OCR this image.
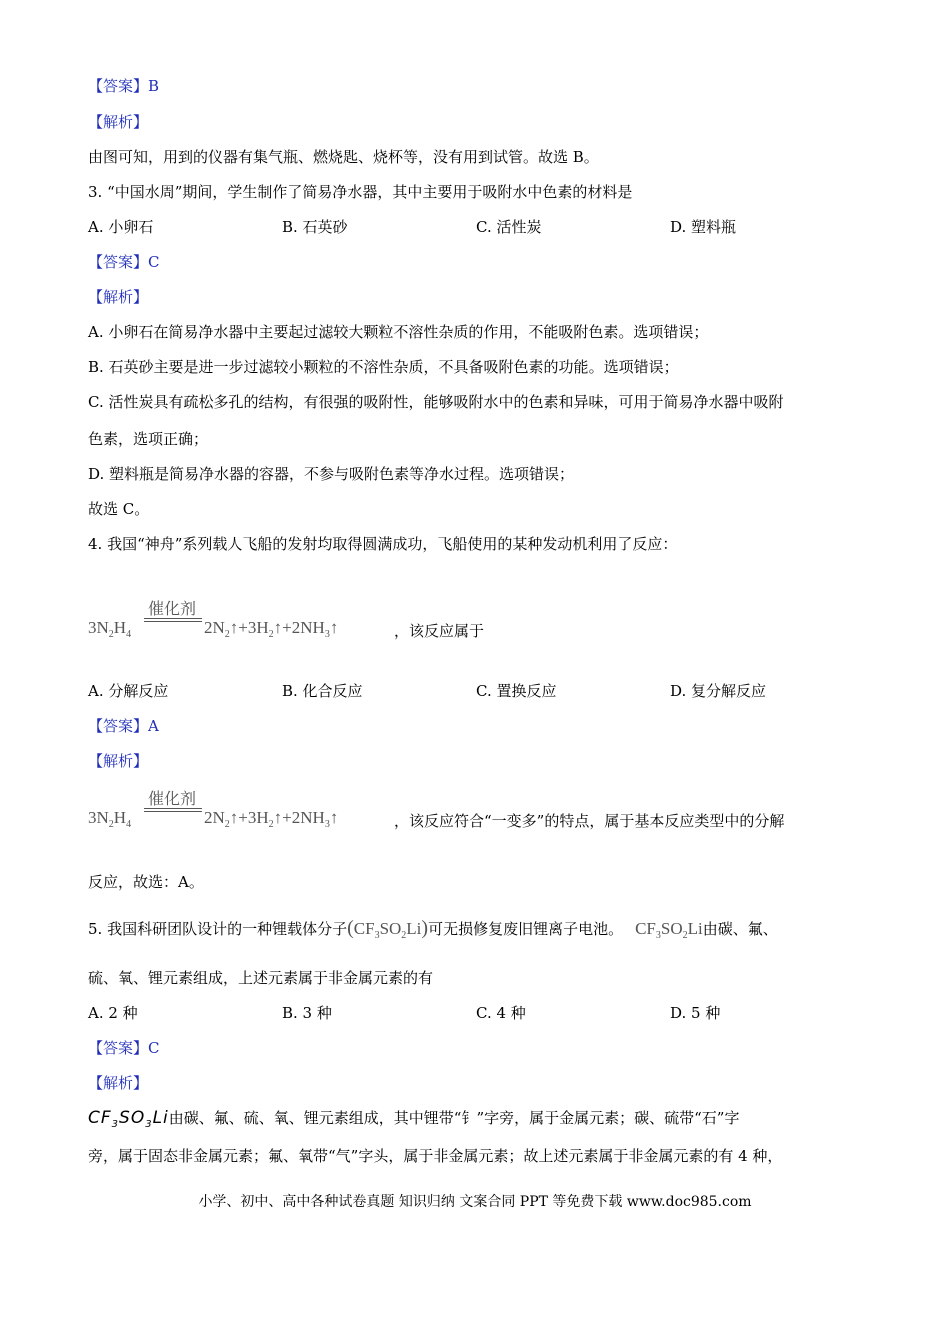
【答案】B
【解析】
由图可知，用到的仪器有集气瓶、燃烧匙、烧杯等，没有用到试管。故选 B。
3. “中国水周”期间，学生制作了简易净水器，其中主要用于吸附水中色素的材料是
A. 小卵石	B. 石英砂	C. 活性炭	D. 塑料瓶
【答案】C
【解析】
A. 小卵石在简易净水器中主要起过滤较大颗粒不溶性杂质的作用，不能吸附色素。选项错误；
B. 石英砂主要是进一步过滤较小颗粒的不溶性杂质，不具备吸附色素的功能。选项错误；
C. 活性炭具有疏松多孔的结构，有很强的吸附性，能够吸附水中的色素和异味，可用于简易净水器中吸附
色素，选项正确；
D. 塑料瓶是简易净水器的容器，不参与吸附色素等净水过程。选项错误；
故选 C。
4. 我国“神舟”系列载人飞船的发射均取得圆满成功，飞船使用的某种发动机利用了反应：
$3N_2H_4$
催化剂
$2N_2↑+3H_2↑+2NH_3↑$	，该反应属于
A. 分解反应	B. 化合反应	C. 置换反应	D. 复分解反应
【答案】A
【解析】
$3N_2H_4$
催化剂
$2N_2↑+3H_2↑+2NH_3↑$	，该反应符合“一变多”的特点，属于基本反应类型中的分解
反应，故选：A。
5. 我国科研团队设计的一种锂载体分子$(CF_3SO_2Li)$可无损修复废旧锂离子电池。 $CF_3SO_2Li$由碳、氟、
硫、氧、锂元素组成，上述元素属于非金属元素的有
A. 2 种	B. 3 种	C. 4 种	D. 5 种
【答案】C
【解析】
$CF_3SO_3Li$由碳、氟、硫、氧、锂元素组成，其中锂带“钅”字旁，属于金属元素；碳、硫带“石”字
旁，属于固态非金属元素；氟、氧带“气”字头，属于非金属元素；故上述元素属于非金属元素的有 4 种，
小学、初中、高中各种试卷真题 知识归纳 文案合同 PPT 等免费下载 www.doc985.com
